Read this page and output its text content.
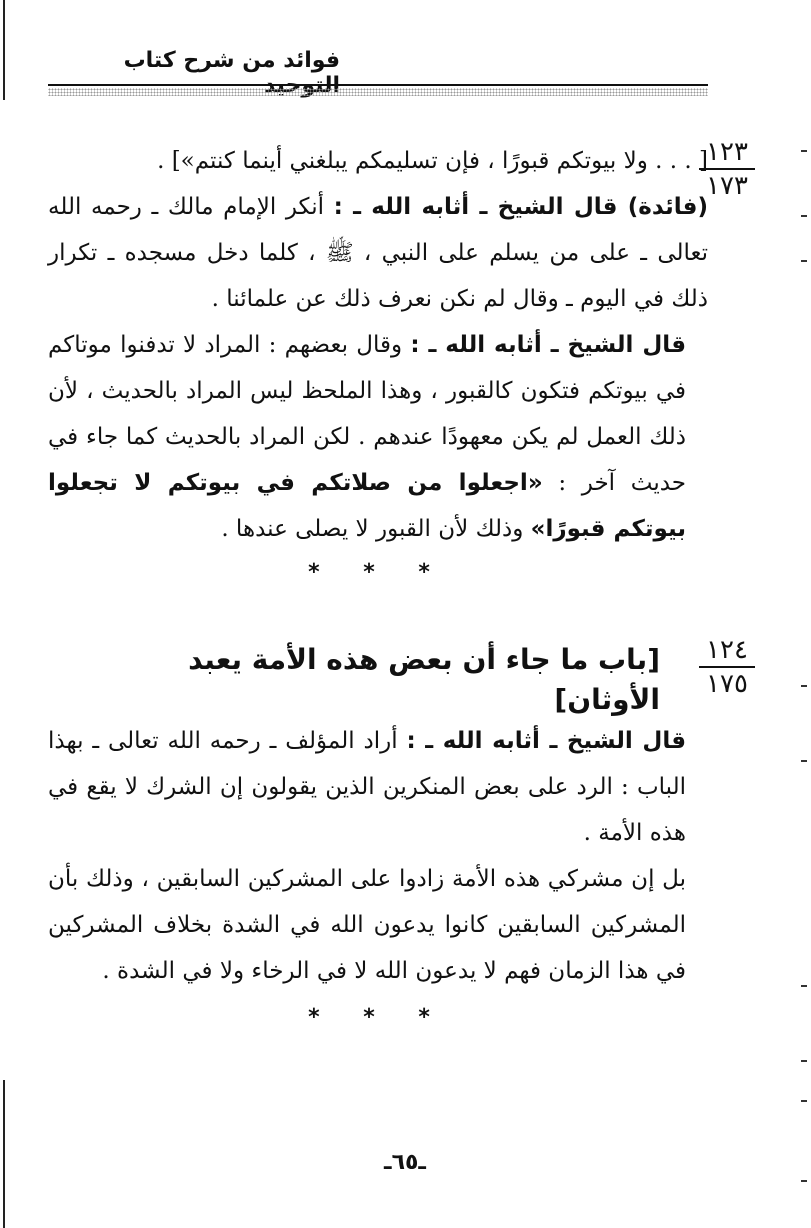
فوائد من شرح كتاب
١٢٣
١٧٣

[ . . . ولا بيوتكم قبورًا ، فإن تسليمكم يبلغني أينما كنتم»] .

(فائدة) قال الشيخ ـ أثابه الله ـ : أنكر الإمام مالك ـ رحمه الله تعالى ـ على من يسلم على النبي ، ﷺ ، كلما دخل مسجده ـ تكرار ذلك في اليوم ـ وقال لم نكن نعرف ذلك عن علمائنا .

قال الشيخ ـ أثابه الله ـ : وقال بعضهم : المراد لا تدفنوا موتاكم في بيوتكم فتكون كالقبور ، وهذا الملحظ ليس المراد بالحديث ، لأن ذلك العمل لم يكن معهودًا عندهم . لكن المراد بالحديث كما جاء في حديث آخر : «اجعلوا من صلاتكم في بيوتكم لا تجعلوا بيوتكم قبورًا» وذلك لأن القبور لا يصلى عندها .

* * *
١٢٤
١٧٥
[باب ما جاء أن بعض هذه الأمة يعبد الأوثان]

قال الشيخ ـ أثابه الله ـ : أراد المؤلف ـ رحمه الله تعالى ـ بهذا الباب : الرد على بعض المنكرين الذين يقولون إن الشرك لا يقع في هذه الأمة .

بل إن مشركي هذه الأمة زادوا على المشركين السابقين ، وذلك بأن المشركين السابقين كانوا يدعون الله في الشدة بخلاف المشركين في هذا الزمان فهم لا يدعون الله لا في الرخاء ولا في الشدة .

* * *
ـ٦٥ـ
